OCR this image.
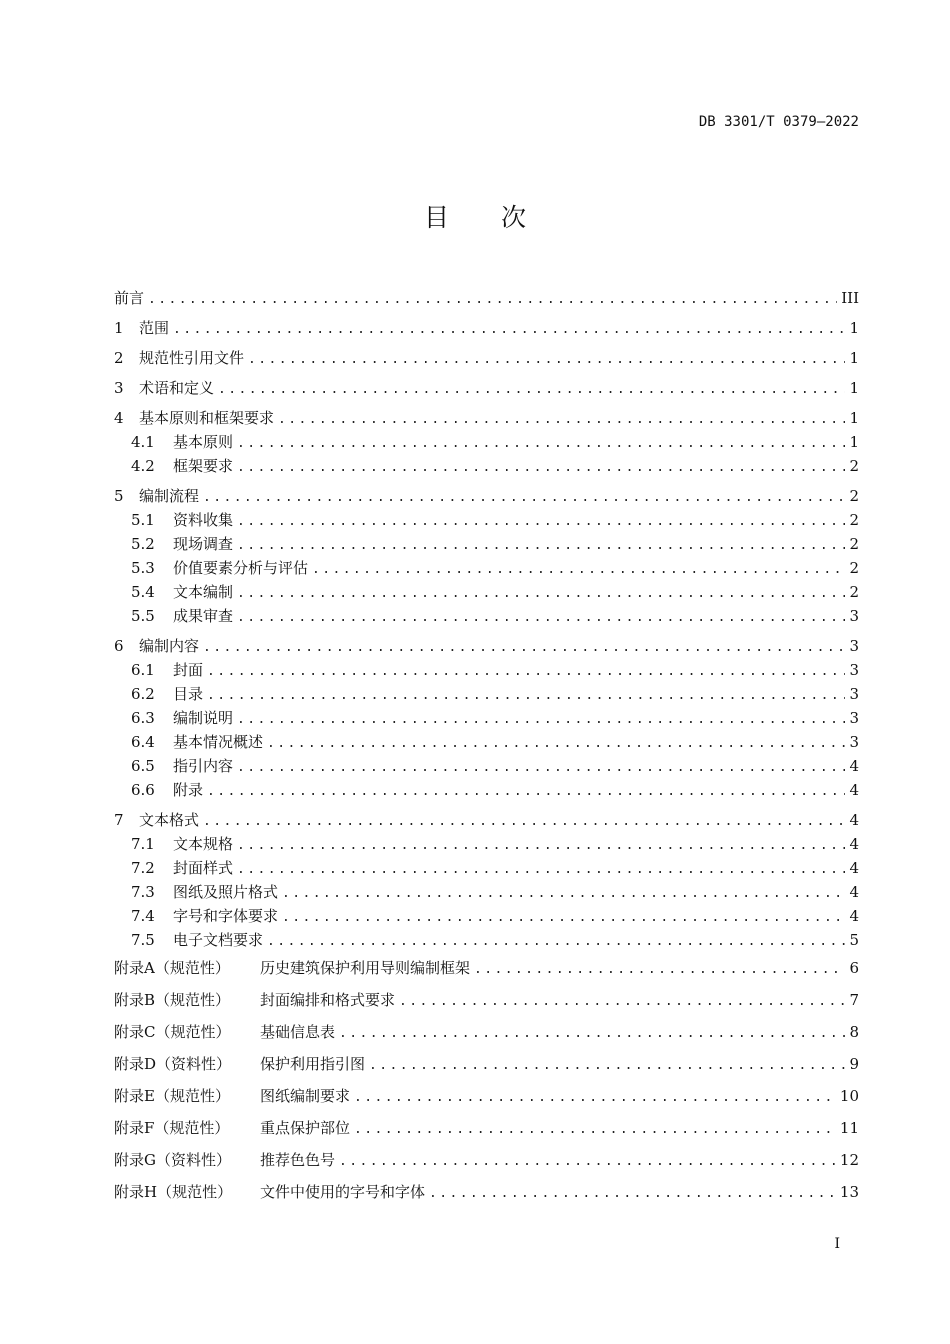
DB 3301/T 0379—2022
目 次
前言 .....	III
1	范围 .....	1
2	规范性引用文件 .....	1
3	术语和定义 .....	1
4	基本原则和框架要求 .....	1
4.1	基本原则 .....	1
4.2	框架要求 .....	2
5	编制流程 .....	2
5.1	资料收集 .....	2
5.2	现场调查 .....	2
5.3	价值要素分析与评估 .....	2
5.4	文本编制 .....	2
5.5	成果审查 .....	3
6	编制内容 .....	3
6.1	封面 .....	3
6.2	目录 .....	3
6.3	编制说明 .....	3
6.4	基本情况概述 .....	3
6.5	指引内容 .....	4
6.6	附录 .....	4
7	文本格式 .....	4
7.1	文本规格 .....	4
7.2	封面样式 .....	4
7.3	图纸及照片格式 .....	4
7.4	字号和字体要求 .....	4
7.5	电子文档要求 .....	5
附录A（规范性）	历史建筑保护利用导则编制框架 .....	6
附录B（规范性）	封面编排和格式要求 .....	7
附录C（规范性）	基础信息表 .....	8
附录D（资料性）	保护利用指引图 .....	9
附录E（规范性）	图纸编制要求 .....	10
附录F（规范性）	重点保护部位 .....	11
附录G（资料性）	推荐色色号 .....	12
附录H（规范性）	文件中使用的字号和字体 .....	13
I
